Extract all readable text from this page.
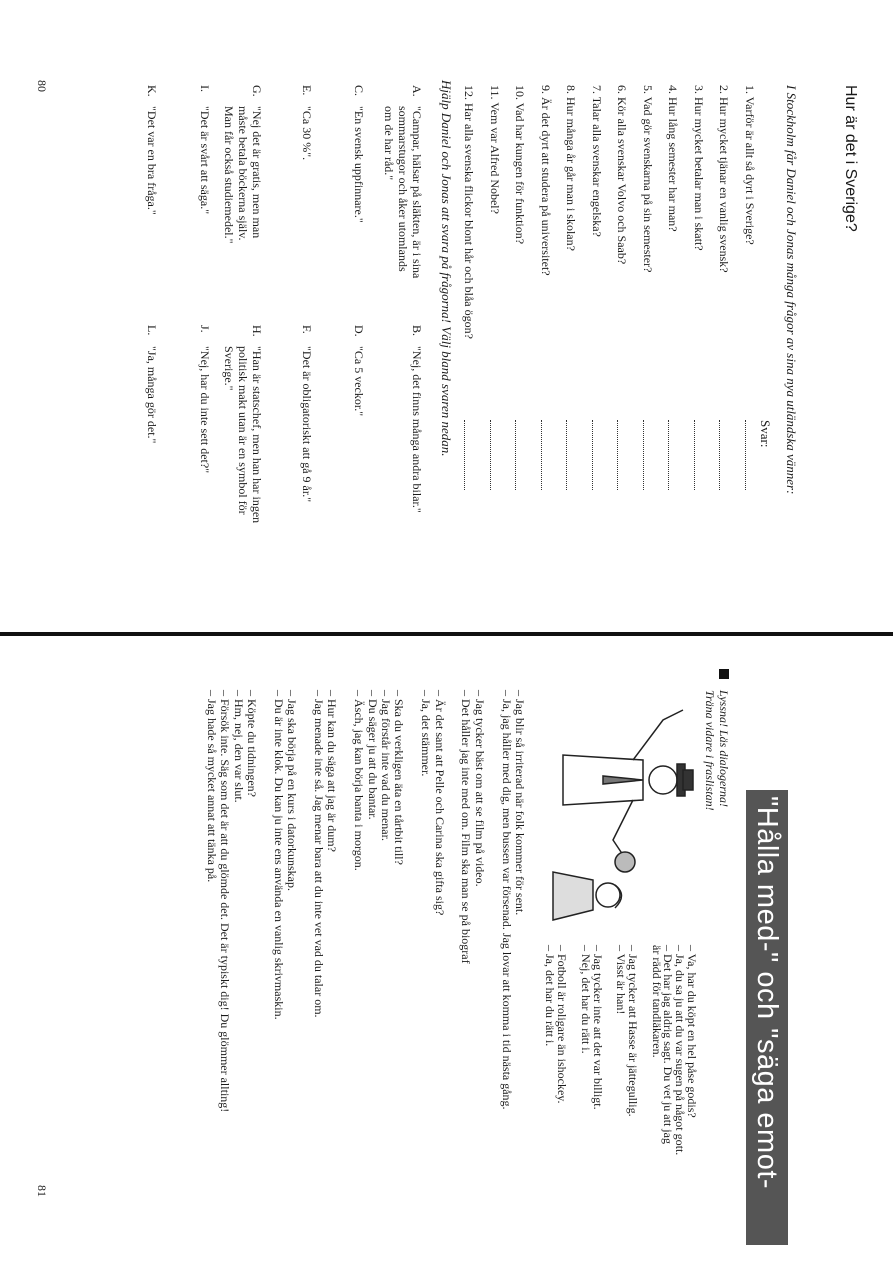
Hur är det i Sverige?
I Stockholm får Daniel och Jonas många frågor av sina nya utländska vänner:
Svar:
1. Varför är allt så dyrt i Sverige?
2. Hur mycket tjänar en vanlig svensk?
3. Hur mycket betalar man i skatt?
4. Hur lång semester har man?
5. Vad gör svenskarna på sin semester?
6. Kör alla svenskar Volvo och Saab?
7. Talar alla svenskar engelska?
8. Hur många år går man i skolan?
9. Är det dyrt att studera på universitet?
10. Vad har kungen för funktion?
11. Vem var Alfred Nobel?
12. Har alla svenska flickor blont hår och blåa ögon?
Hjälp Daniel och Jonas att svara på frågorna! Välj bland svaren nedan.
A.
"Campar, hälsar på släkten, är i sina
sommarstugor och åker utomlands
om de har råd."
B.
"Nej, det finns många andra bilar."
C.
"En svensk uppfinnare."
D.
"Ca 5 veckor."
E.
"Ca 30 %".
F.
"Det är obligatoriskt att gå 9 år."
G.
"Nej det är gratis, men man
måste betala böckerna själv.
Man får också studiemedel."
H.
"Han är statschef, men han har ingen
politisk makt utan är en symbol för
Sverige."
I.
"Det är svårt att säga."
J.
"Nej, har du inte sett det?"
K.
"Det var en bra fråga."
L.
"Ja, många gör det."
80
"Hålla med-" och "säga emot-"fraser
Lyssna! Läs dialogerna!
Träna vidare i fraslistan!
– Va, har du köpt en hel påse godis?
– Ja, du sa ju att du var sugen på något gott.
– Det har jag aldrig sagt. Du vet ju att jag
är rädd för tandläkaren.
– Jag tycker att Hasse är jättegullig.
– Visst är han!
– Jag tycker inte att det var billigt.
– Nej, det har du rätt i.
– Fotboll är roligare än ishockey.
– Ja, det har du rätt i.
– Jag blir så irriterad när folk kommer för sent.
– Ja, jag håller med dig, men bussen var försenad. Jag lovar att komma i tid nästa gång.
– Jag tycker bäst om att se film på video.
– Det håller jag inte med om. Film ska man se på biograf
– Är det sant att Pelle och Carina ska gifta sig?
– Ja, det stämmer.
– Ska du verkligen äta en tårtbit till?
– Jag förstår inte vad du menar.
– Du säger ju att du bantar.
– Äsch, jag kan börja banta i morgon.
– Hur kan du säga att jag är dum?
– Jag menade inte så. Jag menar bara att du inte vet vad du talar om.
– Jag ska börja på en kurs i datorkunskap.
– Du är inte klok. Du kan ju inte ens använda en vanlig skrivmaskin.
– Köpte du tidningen?
– Hm, nej, den var slut.
– Försök inte. Säg som det är att du glömde det. Det är typiskt dig! Du glömmer allting!
– Jag hade så mycket annat att tänka på.
81
